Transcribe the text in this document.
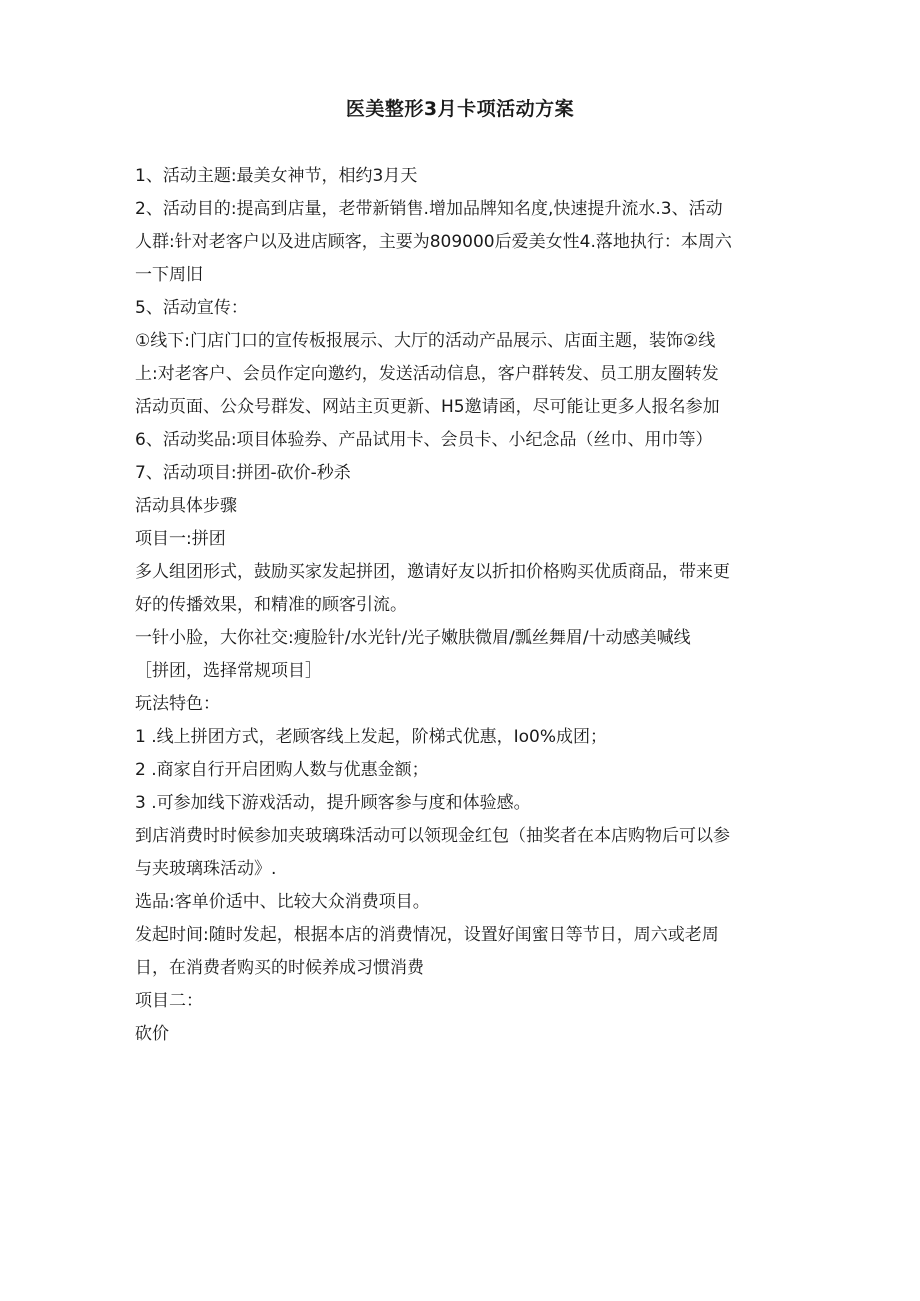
医美整形3月卡项活动方案

1、活动主题:最美女神节，相约3月天

2、活动目的:提高到店量，老带新销售.增加品牌知名度,快速提升流水.3、活动

人群:针对老客户以及进店顾客，主要为809000后爱美女性4.落地执行：本周六

一下周旧

5、活动宣传：

①线下:门店门口的宣传板报展示、大厅的活动产品展示、店面主题，装饰②线

上:对老客户、会员作定向邀约，发送活动信息，客户群转发、员工朋友圈转发

活动页面、公众号群发、网站主页更新、H5邀请函，尽可能让更多人报名参加

6、活动奖品:项目体验券、产品试用卡、会员卡、小纪念品（丝巾、用巾等）

7、活动项目:拼团-砍价-秒杀

活动具体步骤

项目一:拼团

多人组团形式，鼓励买家发起拼团，邀请好友以折扣价格购买优质商品，带来更

好的传播效果，和精准的顾客引流。

一针小脸，大你社交:瘦脸针/水光针/光子嫩肤微眉/瓢丝舞眉/十动感美喊线

［拼团，选择常规项目］

玩法特色：

1 .线上拼团方式，老顾客线上发起，阶梯式优惠，Io0%成团；

2 .商家自行开启团购人数与优惠金额；

3 .可参加线下游戏活动，提升顾客参与度和体验感。

到店消费时时候参加夹玻璃珠活动可以领现金红包（抽奖者在本店购物后可以参

与夹玻璃珠活动》.

选品:客单价适中、比较大众消费项目。

发起时间:随时发起，根据本店的消费情况，设置好闺蜜日等节日，周六或老周

日，在消费者购买的时候养成习惯消费

项目二：

砍价
